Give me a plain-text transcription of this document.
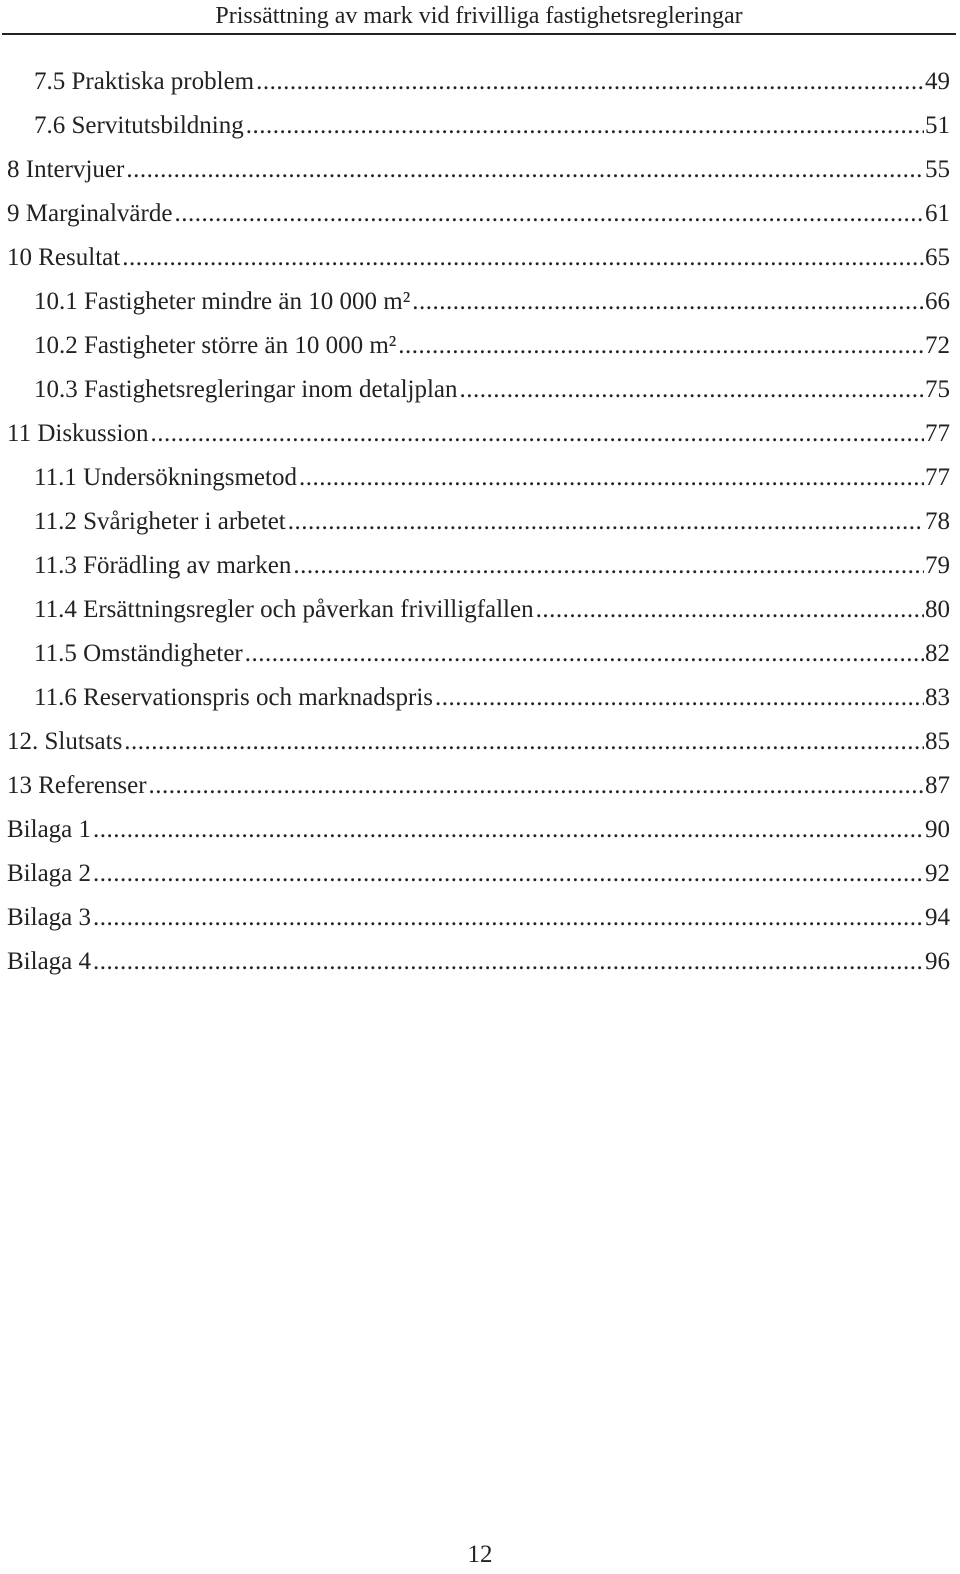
Prissättning av mark vid frivilliga fastighetsregleringar
7.5 Praktiska problem .....	49
7.6 Servitutsbildning .....	51
8 Intervjuer .....	55
9 Marginalvärde .....	61
10 Resultat .....	65
10.1 Fastigheter mindre än 10 000 m² .....	66
10.2 Fastigheter större än 10 000 m² .....	72
10.3 Fastighetsregleringar inom detaljplan .....	75
11 Diskussion .....	77
11.1 Undersökningsmetod .....	77
11.2 Svårigheter i arbetet .....	78
11.3 Förädling av marken .....	79
11.4 Ersättningsregler och påverkan frivilligfallen .....	80
11.5 Omständigheter .....	82
11.6 Reservationspris och marknadspris .....	83
12. Slutsats .....	85
13 Referenser .....	87
Bilaga 1 .....	90
Bilaga 2 .....	92
Bilaga 3 .....	94
Bilaga 4 .....	96
12
